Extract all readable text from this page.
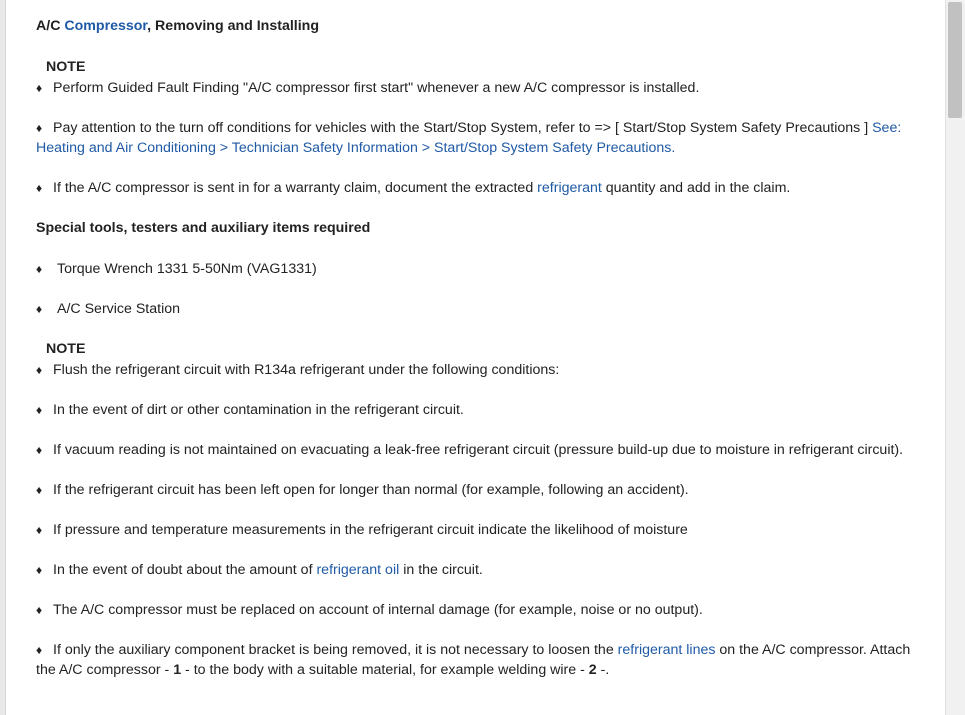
A/C Compressor, Removing and Installing
NOTE
♦ Perform Guided Fault Finding "A/C compressor first start" whenever a new A/C compressor is installed.
♦ Pay attention to the turn off conditions for vehicles with the Start/Stop System, refer to => [ Start/Stop System Safety Precautions ] See:
Heating and Air Conditioning > Technician Safety Information > Start/Stop System Safety Precautions.
♦ If the A/C compressor is sent in for a warranty claim, document the extracted refrigerant quantity and add in the claim.
Special tools, testers and auxiliary items required
♦ Torque Wrench 1331 5-50Nm (VAG1331)
♦ A/C Service Station
NOTE
♦ Flush the refrigerant circuit with R134a refrigerant under the following conditions:
♦ In the event of dirt or other contamination in the refrigerant circuit.
♦ If vacuum reading is not maintained on evacuating a leak-free refrigerant circuit (pressure build-up due to moisture in refrigerant circuit).
♦ If the refrigerant circuit has been left open for longer than normal (for example, following an accident).
♦ If pressure and temperature measurements in the refrigerant circuit indicate the likelihood of moisture
♦ In the event of doubt about the amount of refrigerant oil in the circuit.
♦ The A/C compressor must be replaced on account of internal damage (for example, noise or no output).
♦ If only the auxiliary component bracket is being removed, it is not necessary to loosen the refrigerant lines on the A/C compressor. Attach
the A/C compressor - 1 - to the body with a suitable material, for example welding wire - 2 -.
